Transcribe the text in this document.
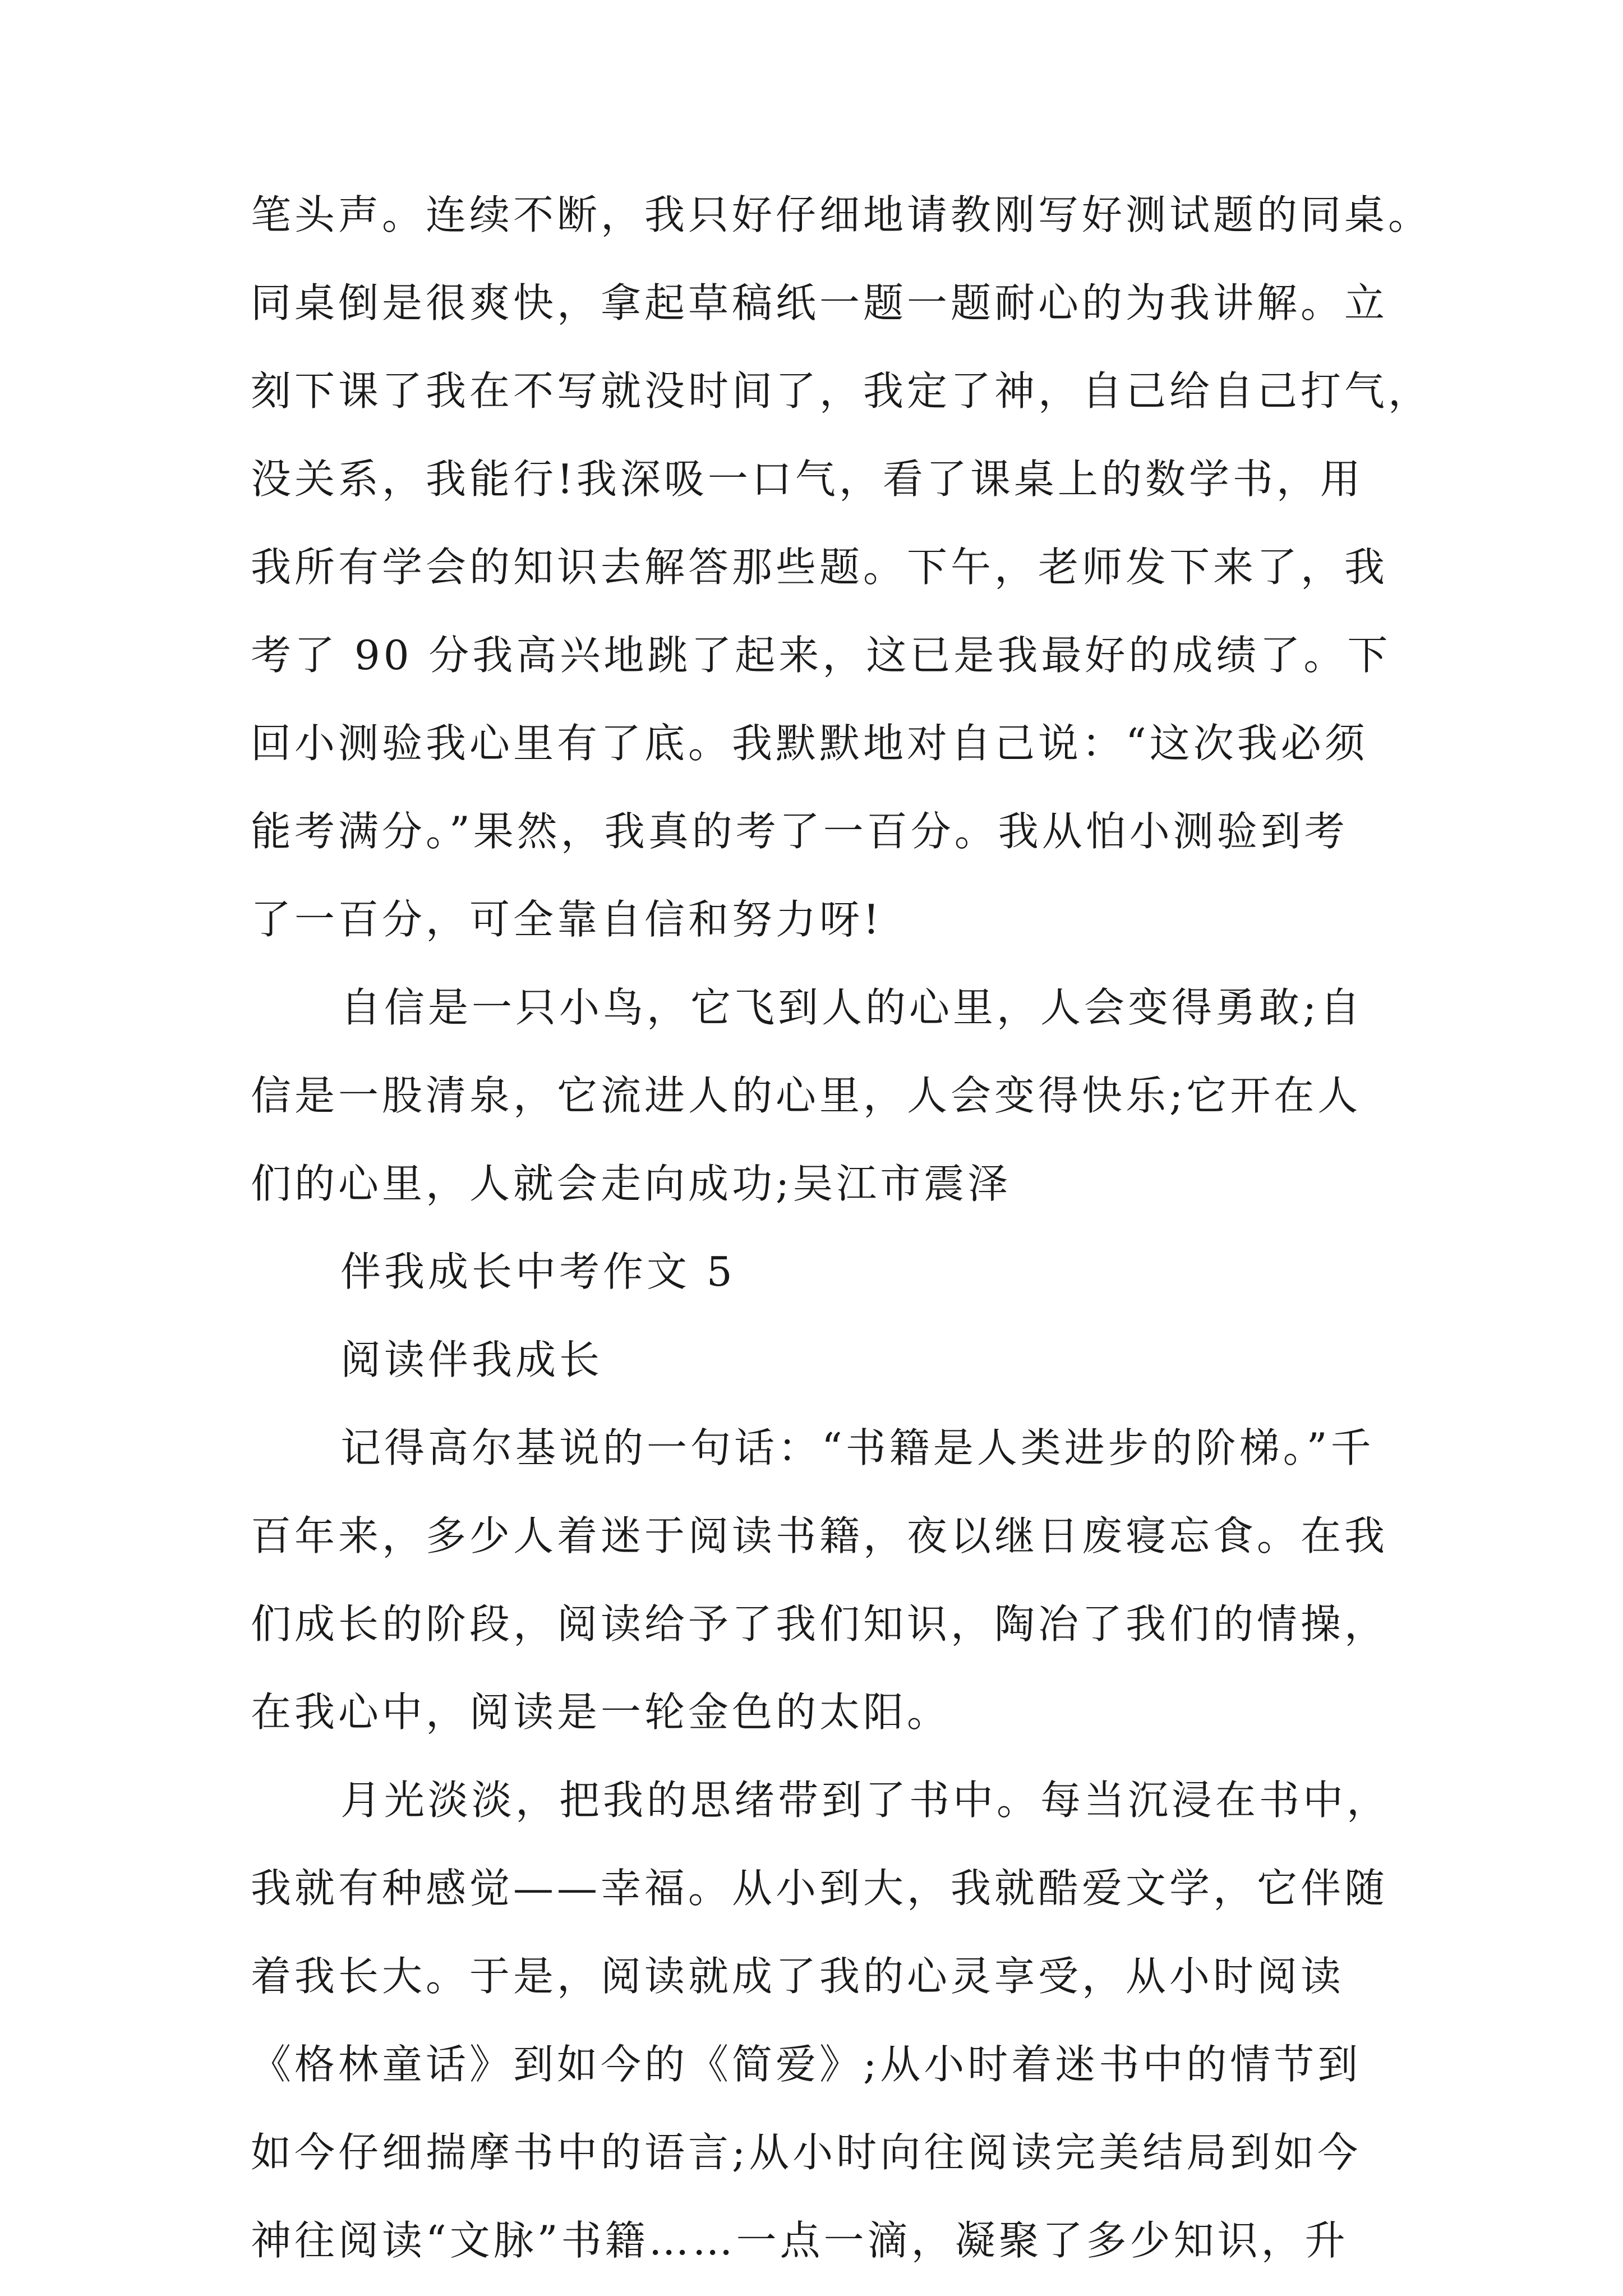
笔头声。连续不断，我只好仔细地请教刚写好测试题的同桌。
同桌倒是很爽快，拿起草稿纸一题一题耐心的为我讲解。立
刻下课了我在不写就没时间了，我定了神，自己给自己打气，
没关系，我能行!我深吸一口气，看了课桌上的数学书，用
我所有学会的知识去解答那些题。下午，老师发下来了，我
考了 90 分我高兴地跳了起来，这已是我最好的成绩了。下
回小测验我心里有了底。我默默地对自己说：“这次我必须
能考满分。”果然，我真的考了一百分。我从怕小测验到考
了一百分，可全靠自信和努力呀!
自信是一只小鸟，它飞到人的心里，人会变得勇敢;自
信是一股清泉，它流进人的心里，人会变得快乐;它开在人
们的心里，人就会走向成功;吴江市震泽
伴我成长中考作文 5
阅读伴我成长
记得高尔基说的一句话：“书籍是人类进步的阶梯。”千
百年来，多少人着迷于阅读书籍，夜以继日废寝忘食。在我
们成长的阶段，阅读给予了我们知识，陶冶了我们的情操，
在我心中，阅读是一轮金色的太阳。
月光淡淡，把我的思绪带到了书中。每当沉浸在书中，
我就有种感觉——幸福。从小到大，我就酷爱文学，它伴随
着我长大。于是，阅读就成了我的心灵享受，从小时阅读
《格林童话》到如今的《简爱》;从小时着迷书中的情节到
如今仔细揣摩书中的语言;从小时向往阅读完美结局到如今
神往阅读“文脉”书籍……一点一滴，凝聚了多少知识，升
